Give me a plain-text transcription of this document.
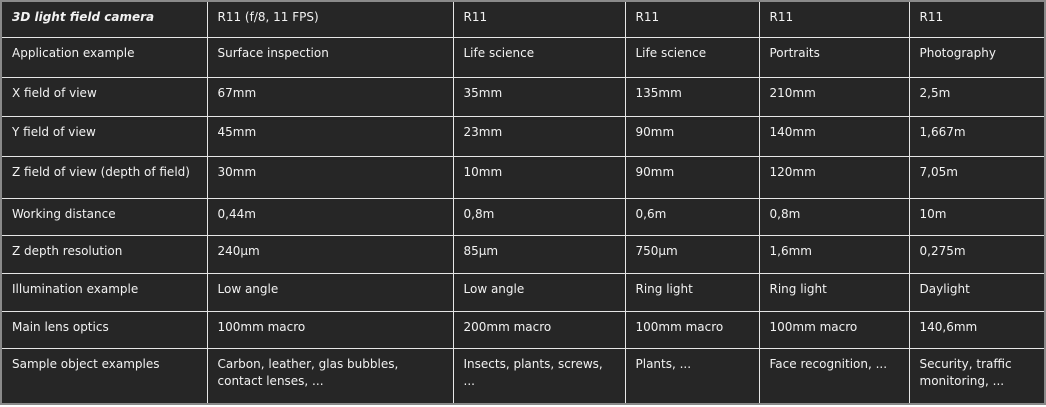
3D light field camera	R11 (f/8, 11 FPS)	R11	R11	R11	R11
Application example	Surface inspection	Life science	Life science	Portraits	Photography
X field of view	67mm	35mm	135mm	210mm	2,5m
Y field of view	45mm	23mm	90mm	140mm	1,667m
Z field of view (depth of field)	30mm	10mm	90mm	120mm	7,05m
Working distance	0,44m	0,8m	0,6m	0,8m	10m
Z depth resolution	240µm	85µm	750µm	1,6mm	0,275m
Illumination example	Low angle	Low angle	Ring light	Ring light	Daylight
Main lens optics	100mm macro	200mm macro	100mm macro	100mm macro	140,6mm
Sample object examples	Carbon, leather, glas bubbles, contact lenses, ...	Insects, plants, screws, ...	Plants, ...	Face recognition, ...	Security, traffic monitoring, ...
